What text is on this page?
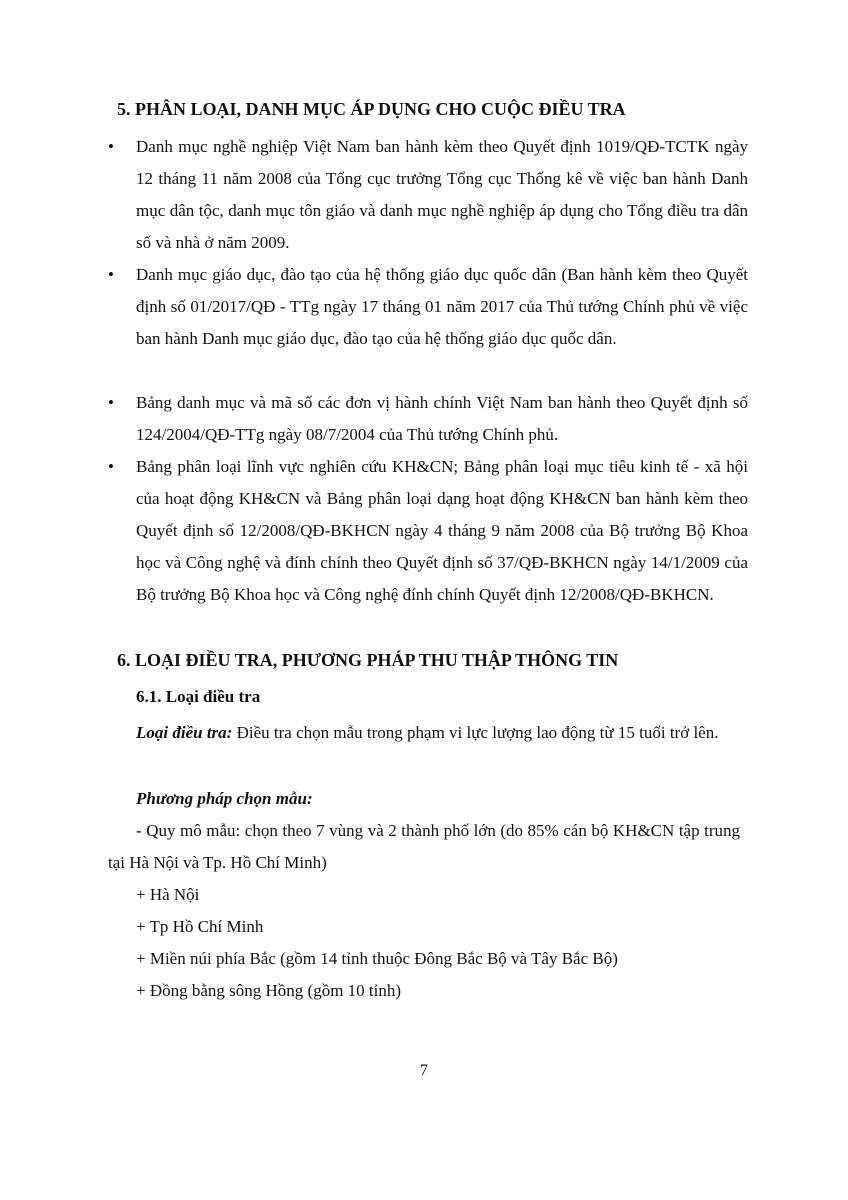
5. PHÂN LOẠI, DANH MỤC ÁP DỤNG CHO CUỘC ĐIỀU TRA
•	Danh mục nghề nghiệp Việt Nam ban hành kèm theo Quyết định 1019/QĐ-TCTK ngày 12 tháng 11 năm 2008 của Tổng cục trưởng Tổng cục Thống kê về việc ban hành Danh mục dân tộc, danh mục tôn giáo và danh mục nghề nghiệp áp dụng cho Tổng điều tra dân số và nhà ở năm 2009.
•	Danh mục giáo dục, đào tạo của hệ thống giáo dục quốc dân (Ban hành kèm theo Quyết định số 01/2017/QĐ - TTg ngày 17 tháng 01 năm 2017 của Thủ tướng Chính phủ về việc ban hành Danh mục giáo dục, đào tạo của hệ thống giáo dục quốc dân.
•	Bảng danh mục và mã số các đơn vị hành chính Việt Nam ban hành theo Quyết định số 124/2004/QĐ-TTg ngày 08/7/2004 của Thủ tướng Chính phủ.
•	Bảng phân loại lĩnh vực nghiên cứu KH&CN; Bảng phân loại mục tiêu kinh tế - xã hội của hoạt động KH&CN và Bảng phân loại dạng hoạt động KH&CN ban hành kèm theo Quyết định số 12/2008/QĐ-BKHCN ngày 4 tháng 9 năm 2008 của Bộ trưởng Bộ Khoa học và Công nghệ và đính chính theo Quyết định số 37/QĐ-BKHCN ngày 14/1/2009 của Bộ trưởng Bộ Khoa học và Công nghệ đính chính Quyết định 12/2008/QĐ-BKHCN.
6. LOẠI ĐIỀU TRA, PHƯƠNG PHÁP THU THẬP THÔNG TIN
6.1. Loại điều tra
Loại điều tra: Điều tra chọn mẫu trong phạm vi lực lượng lao động từ 15 tuổi trở lên.
Phương pháp chọn mẫu:
- Quy mô mẫu: chọn theo 7 vùng và 2 thành phố lớn (do 85% cán bộ KH&CN tập trung tại Hà Nội và Tp. Hồ Chí Minh)
+ Hà Nội
+ Tp Hồ Chí Minh
+ Miền núi phía Bắc (gồm 14 tỉnh thuộc Đông Bắc Bộ và Tây Bắc Bộ)
+ Đồng bằng sông Hồng (gồm 10 tỉnh)
7
